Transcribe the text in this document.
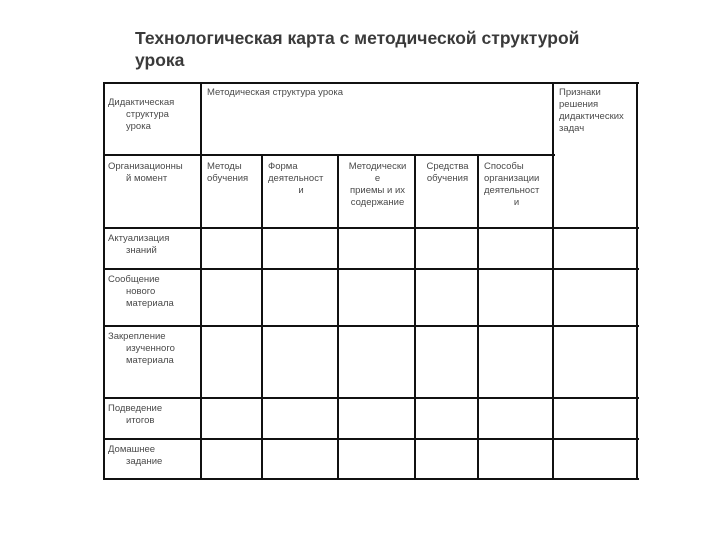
Технологическая карта с методической структурой урока
Дидактическая
структура
урока
Методическая структура урока	Признаки
решения
дидактических
задач
Методы
обучения
Форма
деятельност
и
Методически
е
приемы и их
содержание
Средства
обучения
Способы
организации
деятельност
и
Организационны
й момент
Актуализация
знаний
Сообщение
нового
материала
Закрепление
изученного
материала
Подведение
итогов
Домашнее
задание
